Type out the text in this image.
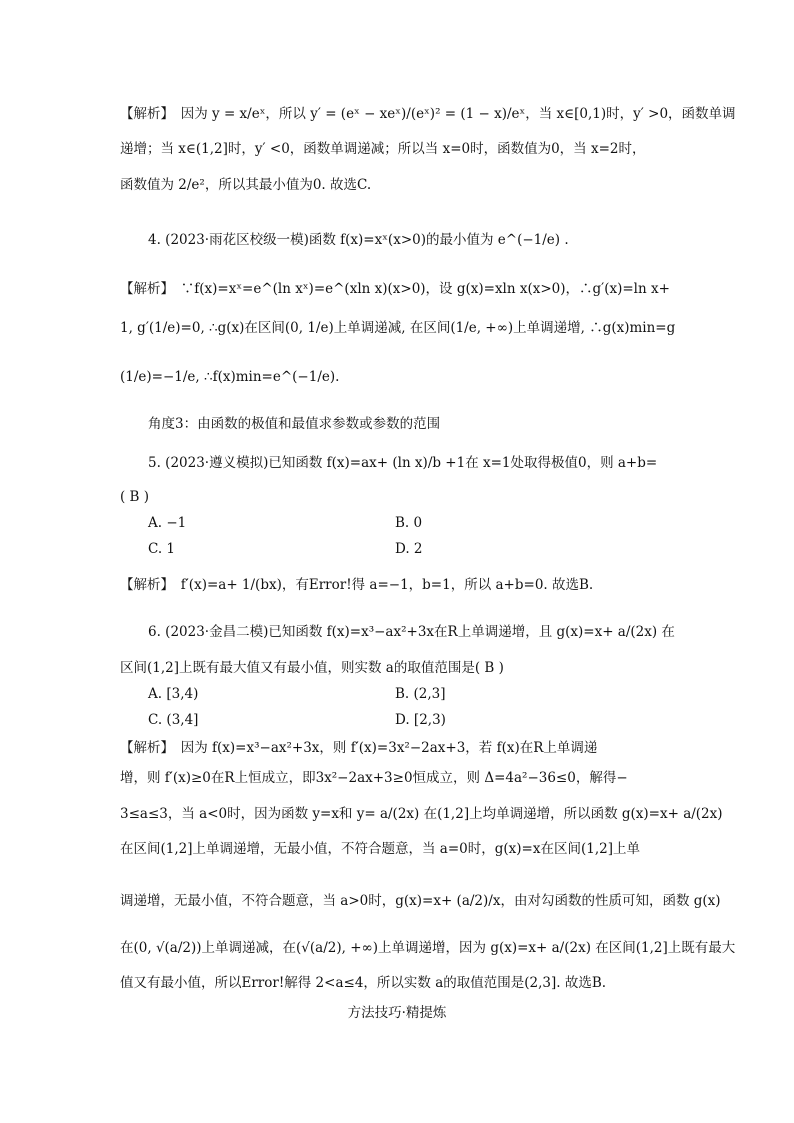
【解析】　因为 y = x/eˣ，所以 y′ = (eˣ − xeˣ)/(eˣ)² = (1 − x)/eˣ，当 x∈[0,1)时，y′ >0，函数单调
递增；当 x∈(1,2]时，y′ <0，函数单调递减；所以当 x=0时，函数值为0，当 x=2时，
函数值为 2/e²，所以其最小值为0. 故选C.
4. (2023·雨花区校级一模)函数 f(x)=xˣ(x>0)的最小值为 e^(−1/e) .
【解析】　∵f(x)=xˣ=e^(ln xˣ)=e^(xln x)(x>0)，设 g(x)=xln x(x>0)，∴g′(x)=ln x+
1, g′(1/e)=0, ∴g(x)在区间(0, 1/e)上单调递减, 在区间(1/e, +∞)上单调递增, ∴g(x)min=g
(1/e)=−1/e, ∴f(x)min=e^(−1/e).
角度3：由函数的极值和最值求参数或参数的范围
5. (2023·遵义模拟)已知函数 f(x)=ax+ (ln x)/b +1在 x=1处取得极值0，则 a+b=
( B )
A. −1	B. 0
C. 1	D. 2
【解析】　f′(x)=a+ 1/(bx)，有Error!得 a=−1，b=1，所以 a+b=0. 故选B.
6. (2023·金昌二模)已知函数 f(x)=x³−ax²+3x在R上单调递增，且 g(x)=x+ a/(2x) 在
区间(1,2]上既有最大值又有最小值，则实数 a的取值范围是( B )
A. [3,4)	B. (2,3]
C. (3,4]	D. [2,3)
【解析】　因为 f(x)=x³−ax²+3x，则 f′(x)=3x²−2ax+3，若 f(x)在R上单调递
增，则 f′(x)≥0在R上恒成立，即3x²−2ax+3≥0恒成立，则 Δ=4a²−36≤0，解得−
3≤a≤3，当 a<0时，因为函数 y=x和 y= a/(2x) 在(1,2]上均单调递增，所以函数 g(x)=x+ a/(2x)
在区间(1,2]上单调递增，无最小值，不符合题意，当 a=0时，g(x)=x在区间(1,2]上单
调递增，无最小值，不符合题意，当 a>0时，g(x)=x+ (a/2)/x，由对勾函数的性质可知，函数 g(x)
在(0, √(a/2))上单调递减，在(√(a/2), +∞)上单调递增，因为 g(x)=x+ a/(2x) 在区间(1,2]上既有最大
值又有最小值，所以Error!解得 2<a≤4，所以实数 a的取值范围是(2,3]. 故选B.
方法技巧·精提炼
